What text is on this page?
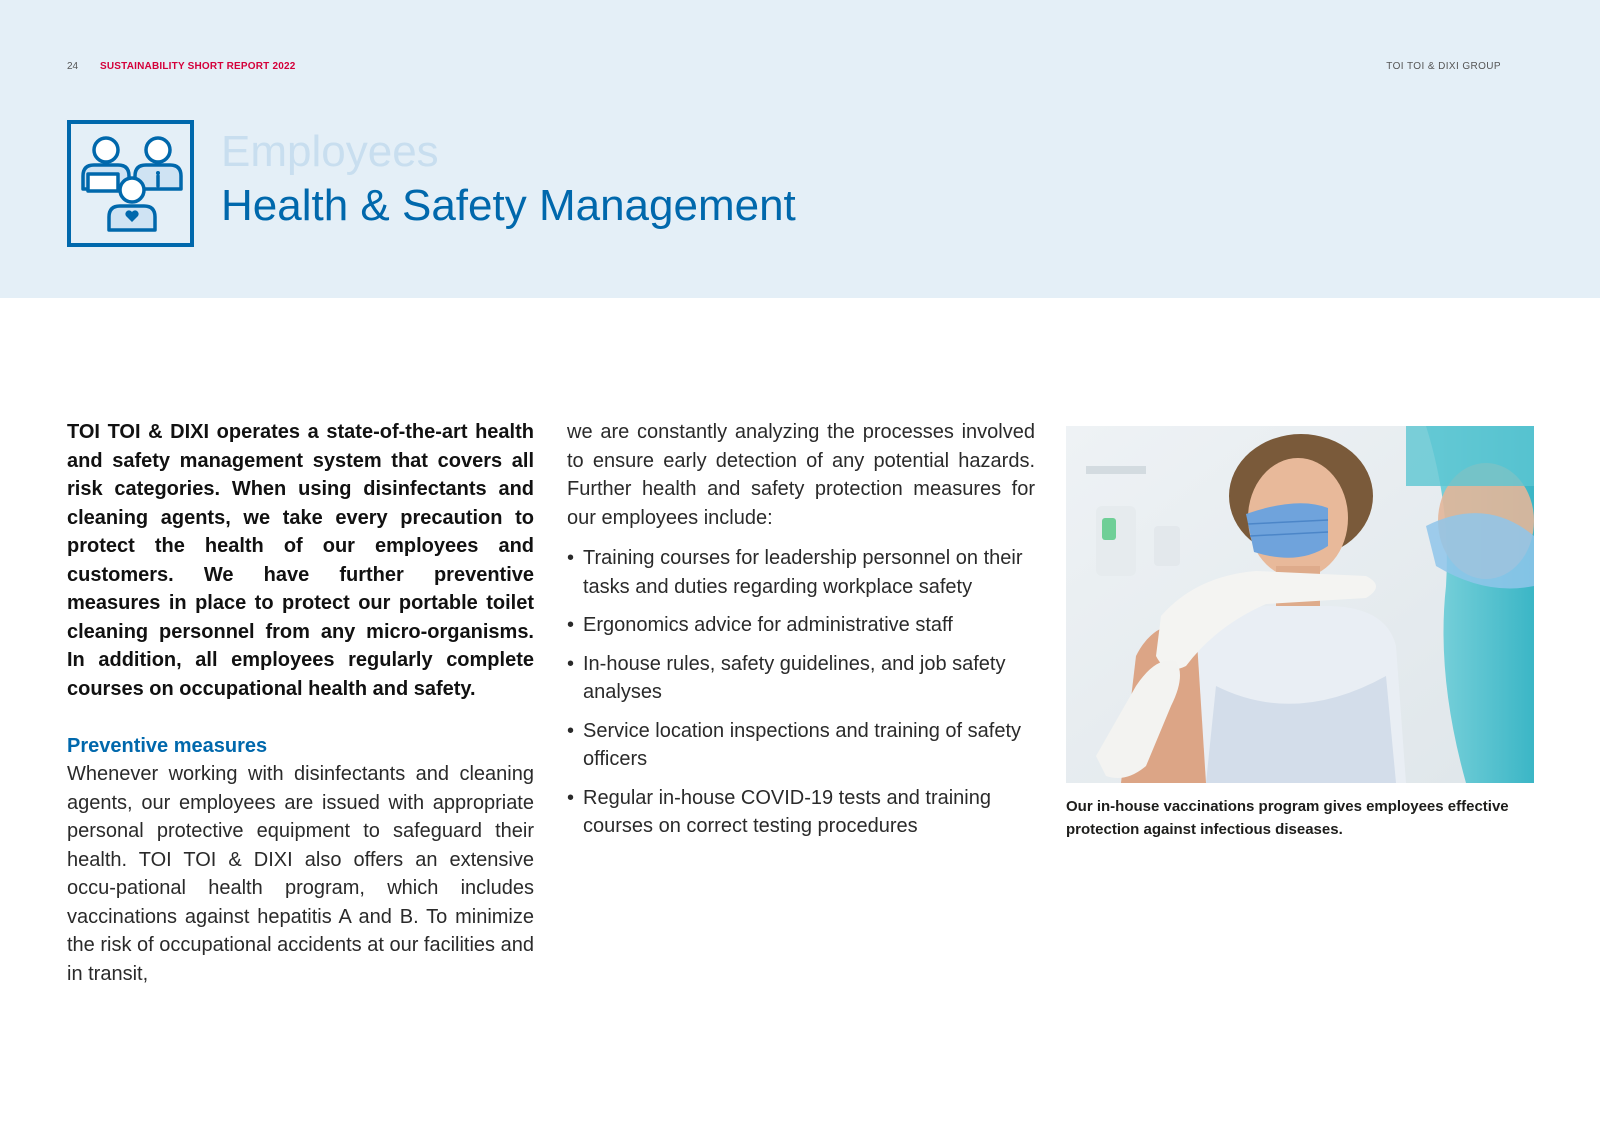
24 SUSTAINABILITY SHORT REPORT 2022	TOI TOI & DIXI GROUP
Employees
Health & Safety Management

TOI TOI & DIXI operates a state-of-the-art health and safety management system that covers all risk categories. When using disinfectants and cleaning agents, we take every precaution to protect the health of our employees and customers. We have further preventive measures in place to protect our portable toilet cleaning personnel from any micro-organisms. In addition, all employees regularly complete courses on occupational health and safety.

Preventive measures

Whenever working with disinfectants and cleaning agents, our employees are issued with appropriate personal protective equipment to safeguard their health. TOI TOI & DIXI also offers an extensive occu-pational health program, which includes vaccinations against hepatitis A and B. To minimize the risk of occupational accidents at our facilities and in transit,

we are constantly analyzing the processes involved to ensure early detection of any potential hazards. Further health and safety protection measures for our employees include:

• Training courses for leadership personnel on their tasks and duties regarding workplace safety
• Ergonomics advice for administrative staff
• In-house rules, safety guidelines, and job safety analyses
• Service location inspections and training of safety officers
• Regular in-house COVID-19 tests and training courses on correct testing procedures

Our in-house vaccinations program gives employees effective protection against infectious diseases.
